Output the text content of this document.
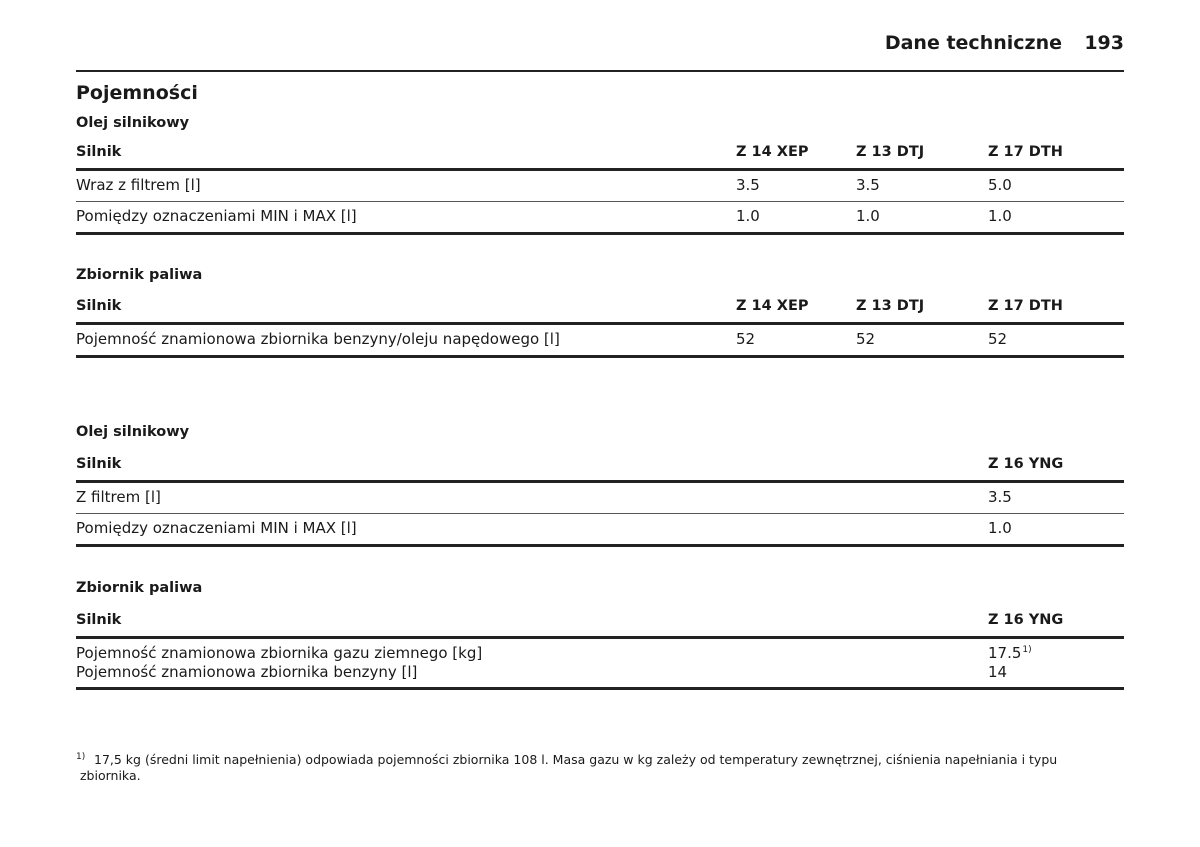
Dane techniczne 193
Pojemności
Olej silnikowy
Silnik	Z 14 XEP	Z 13 DTJ	Z 17 DTH
Wraz z filtrem [l]	3.5	3.5	5.0
Pomiędzy oznaczeniami MIN i MAX [l]	1.0	1.0	1.0
Zbiornik paliwa
Silnik	Z 14 XEP	Z 13 DTJ	Z 17 DTH
Pojemność znamionowa zbiornika benzyny/oleju napędowego [l]	52	52	52
Olej silnikowy
Silnik	Z 16 YNG
Z filtrem [l]	3.5
Pomiędzy oznaczeniami MIN i MAX [l]	1.0
Zbiornik paliwa
Silnik	Z 16 YNG
Pojemność znamionowa zbiornika gazu ziemnego [kg]	17.5$^{1)}$
Pojemność znamionowa zbiornika benzyny [l]	14
1) 17,5 kg (średni limit napełnienia) odpowiada pojemności zbiornika 108 l. Masa gazu w kg zależy od temperatury zewnętrznej, ciśnienia napełniania i typu
zbiornika.
